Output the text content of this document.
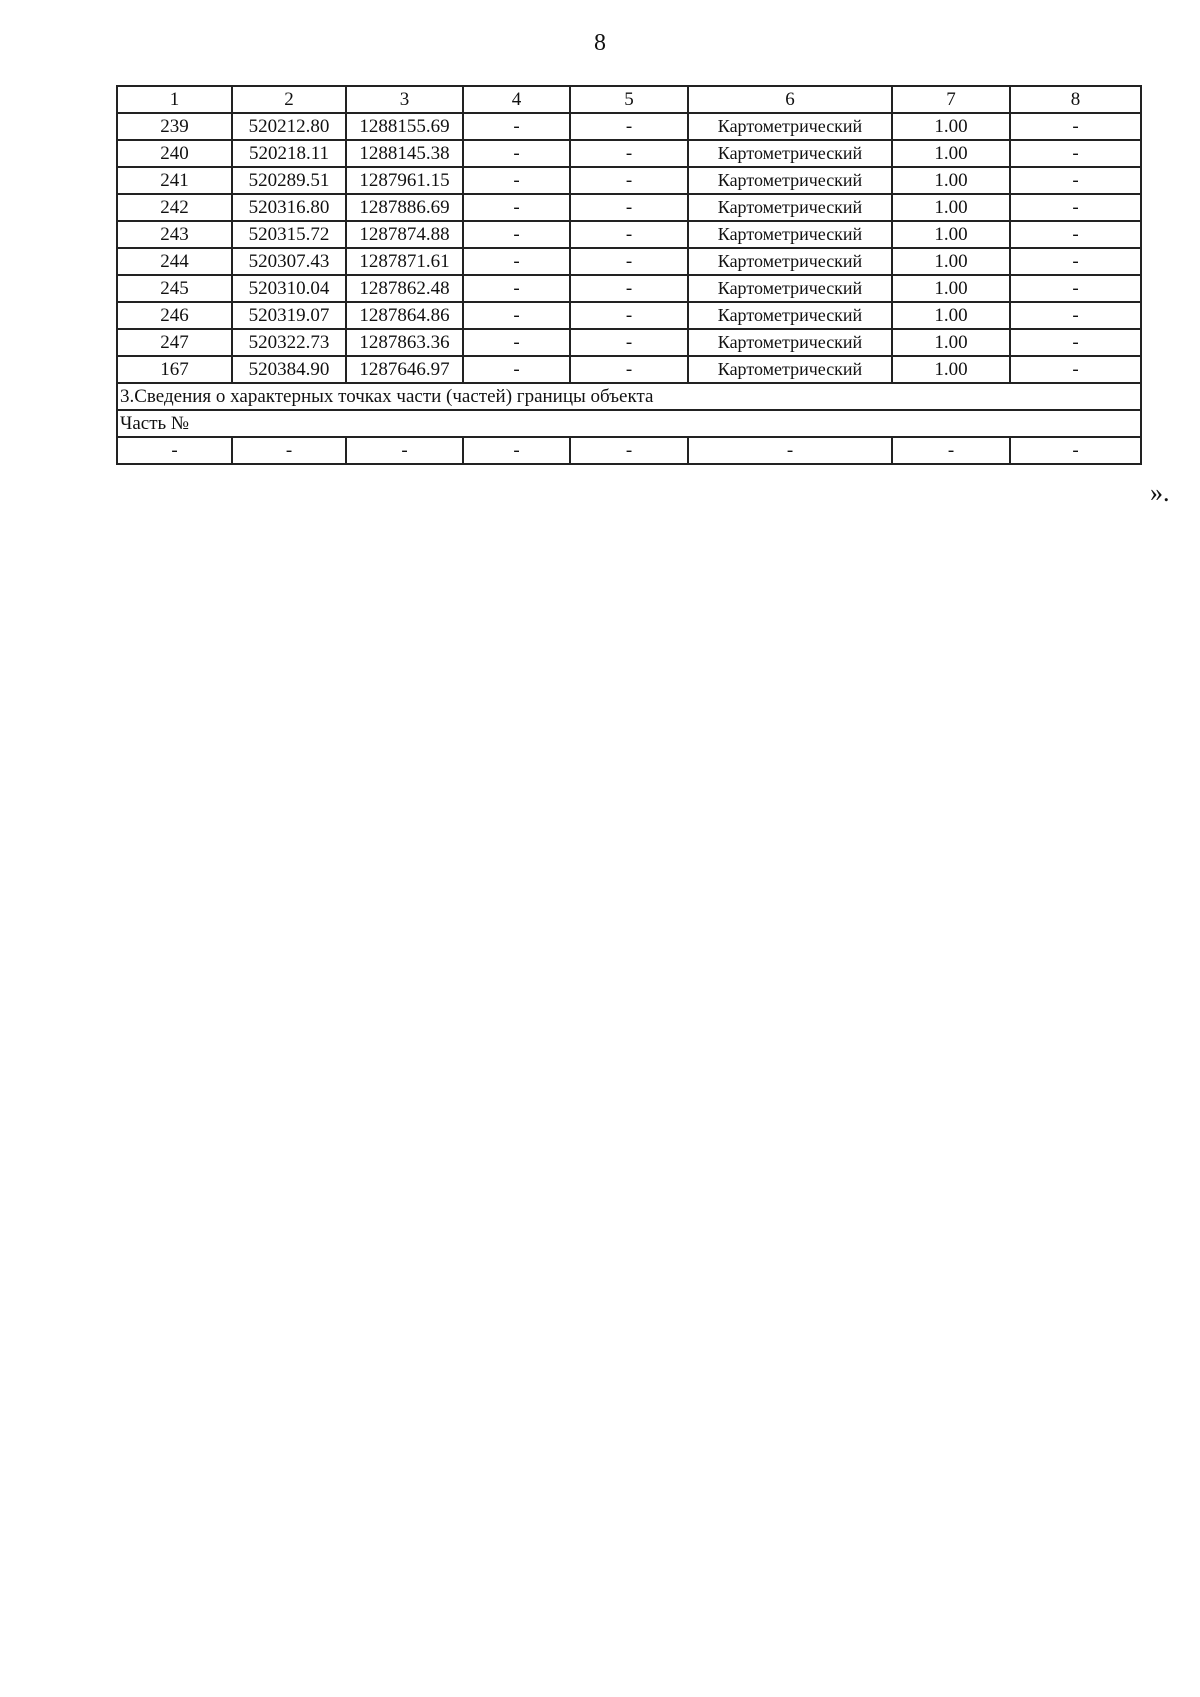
8
1	2	3	4	5	6	7	8
239	520212.80	1288155.69	-	-	Картометрический	1.00	-
240	520218.11	1288145.38	-	-	Картометрический	1.00	-
241	520289.51	1287961.15	-	-	Картометрический	1.00	-
242	520316.80	1287886.69	-	-	Картометрический	1.00	-
243	520315.72	1287874.88	-	-	Картометрический	1.00	-
244	520307.43	1287871.61	-	-	Картометрический	1.00	-
245	520310.04	1287862.48	-	-	Картометрический	1.00	-
246	520319.07	1287864.86	-	-	Картометрический	1.00	-
247	520322.73	1287863.36	-	-	Картометрический	1.00	-
167	520384.90	1287646.97	-	-	Картометрический	1.00	-
3.Сведения о характерных точках части (частей) границы объекта							
Часть №							
-	-	-	-	-	-	-	-
».
